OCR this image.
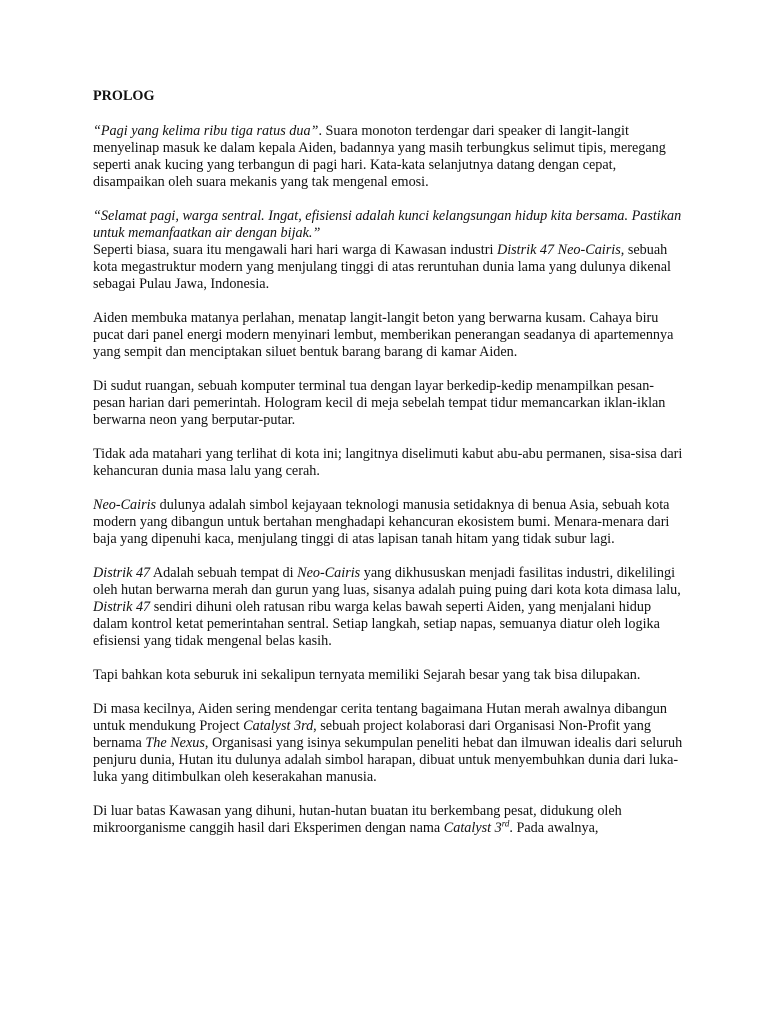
PROLOG

“Pagi yang kelima ribu tiga ratus dua”. Suara monoton terdengar dari speaker di langit-langit menyelinap masuk ke dalam kepala Aiden, badannya yang masih terbungkus selimut tipis, meregang seperti anak kucing yang terbangun di pagi hari. Kata-kata selanjutnya datang dengan cepat, disampaikan oleh suara mekanis yang tak mengenal emosi.

“Selamat pagi, warga sentral. Ingat, efisiensi adalah kunci kelangsungan hidup kita bersama. Pastikan untuk memanfaatkan air dengan bijak.”

Seperti biasa, suara itu mengawali hari hari warga di Kawasan industri Distrik 47 Neo-Cairis, sebuah kota megastruktur modern yang menjulang tinggi di atas reruntuhan dunia lama yang dulunya dikenal sebagai Pulau Jawa, Indonesia.

Aiden membuka matanya perlahan, menatap langit-langit beton yang berwarna kusam. Cahaya biru pucat dari panel energi modern menyinari lembut, memberikan penerangan seadanya di apartemennya yang sempit dan menciptakan siluet bentuk barang barang di kamar Aiden.

Di sudut ruangan, sebuah komputer terminal tua dengan layar berkedip-kedip menampilkan pesan-pesan harian dari pemerintah. Hologram kecil di meja sebelah tempat tidur memancarkan iklan-iklan berwarna neon yang berputar-putar.

Tidak ada matahari yang terlihat di kota ini; langitnya diselimuti kabut abu-abu permanen, sisa-sisa dari kehancuran dunia masa lalu yang cerah.

Neo-Cairis dulunya adalah simbol kejayaan teknologi manusia setidaknya di benua Asia, sebuah kota modern yang dibangun untuk bertahan menghadapi kehancuran ekosistem bumi. Menara-menara dari baja yang dipenuhi kaca, menjulang tinggi di atas lapisan tanah hitam yang tidak subur lagi.

Distrik 47 Adalah sebuah tempat di Neo-Cairis yang dikhususkan menjadi fasilitas industri, dikelilingi oleh hutan berwarna merah dan gurun yang luas, sisanya adalah puing puing dari kota kota dimasa lalu, Distrik 47 sendiri dihuni oleh ratusan ribu warga kelas bawah seperti Aiden, yang menjalani hidup dalam kontrol ketat pemerintahan sentral. Setiap langkah, setiap napas, semuanya diatur oleh logika efisiensi yang tidak mengenal belas kasih.

Tapi bahkan kota seburuk ini sekalipun ternyata memiliki Sejarah besar yang tak bisa dilupakan.

Di masa kecilnya, Aiden sering mendengar cerita tentang bagaimana Hutan merah awalnya dibangun untuk mendukung Project Catalyst 3rd, sebuah project kolaborasi dari Organisasi Non-Profit yang bernama The Nexus, Organisasi yang isinya sekumpulan peneliti hebat dan ilmuwan idealis dari seluruh penjuru dunia, Hutan itu dulunya adalah simbol harapan, dibuat untuk menyembuhkan dunia dari luka-luka yang ditimbulkan oleh keserakahan manusia.

Di luar batas Kawasan yang dihuni, hutan-hutan buatan itu berkembang pesat, didukung oleh mikroorganisme canggih hasil dari Eksperimen dengan nama Catalyst 3rd. Pada awalnya,
